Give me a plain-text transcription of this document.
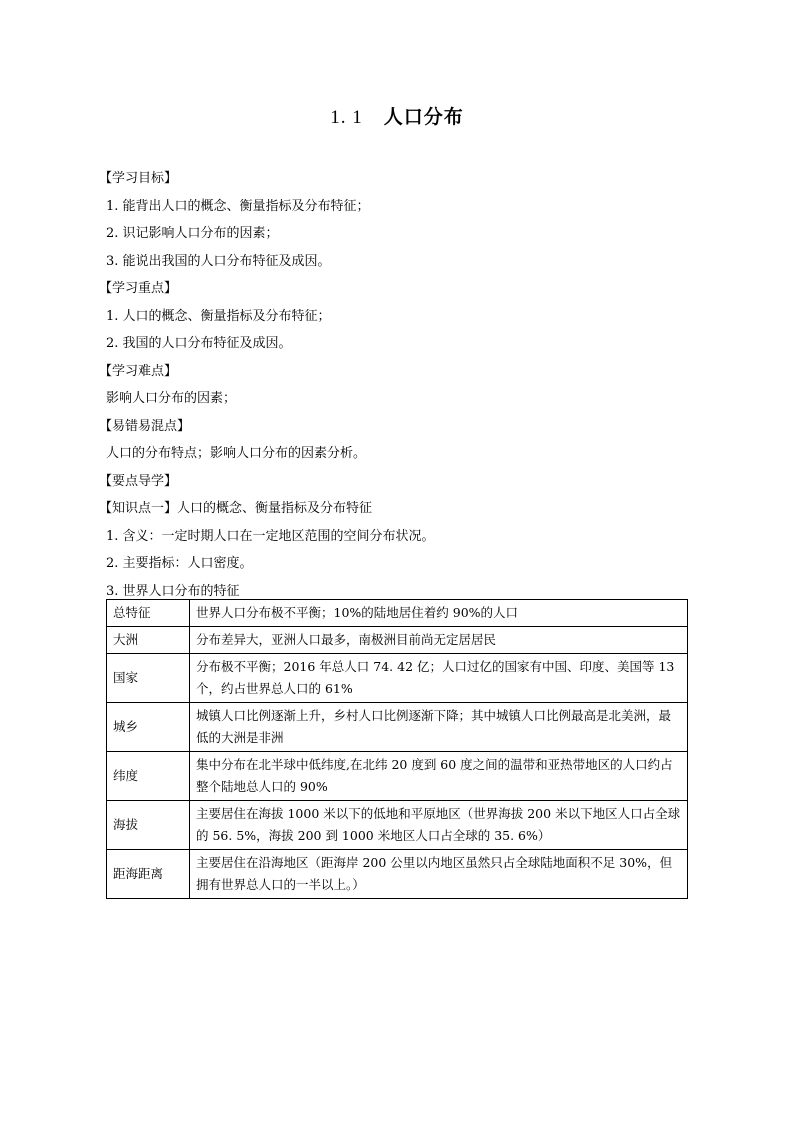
1. 1 人口分布
【学习目标】
1. 能背出人口的概念、衡量指标及分布特征；
2. 识记影响人口分布的因素；
3. 能说出我国的人口分布特征及成因。
【学习重点】
1. 人口的概念、衡量指标及分布特征；
2. 我国的人口分布特征及成因。
【学习难点】
影响人口分布的因素；
【易错易混点】
人口的分布特点；影响人口分布的因素分析。
【要点导学】
【知识点一】人口的概念、衡量指标及分布特征
1. 含义：一定时期人口在一定地区范围的空间分布状况。
2. 主要指标：人口密度。
3. 世界人口分布的特征
总特征	世界人口分布极不平衡；10%的陆地居住着约 90%的人口
大洲	分布差异大，亚洲人口最多，南极洲目前尚无定居居民
国家	分布极不平衡；2016 年总人口 74. 42 亿；人口过亿的国家有中国、印度、美国等 13 个，约占世界总人口的 61%
城乡	城镇人口比例逐渐上升，乡村人口比例逐渐下降；其中城镇人口比例最高是北美洲，最低的大洲是非洲
纬度	集中分布在北半球中低纬度,在北纬 20 度到 60 度之间的温带和亚热带地区的人口约占整个陆地总人口的 90%
海拔	主要居住在海拔 1000 米以下的低地和平原地区（世界海拔 200 米以下地区人口占全球的 56. 5%，海拔 200 到 1000 米地区人口占全球的 35. 6%）
距海距离	主要居住在沿海地区（距海岸 200 公里以内地区虽然只占全球陆地面积不足 30%，但拥有世界总人口的一半以上。）
